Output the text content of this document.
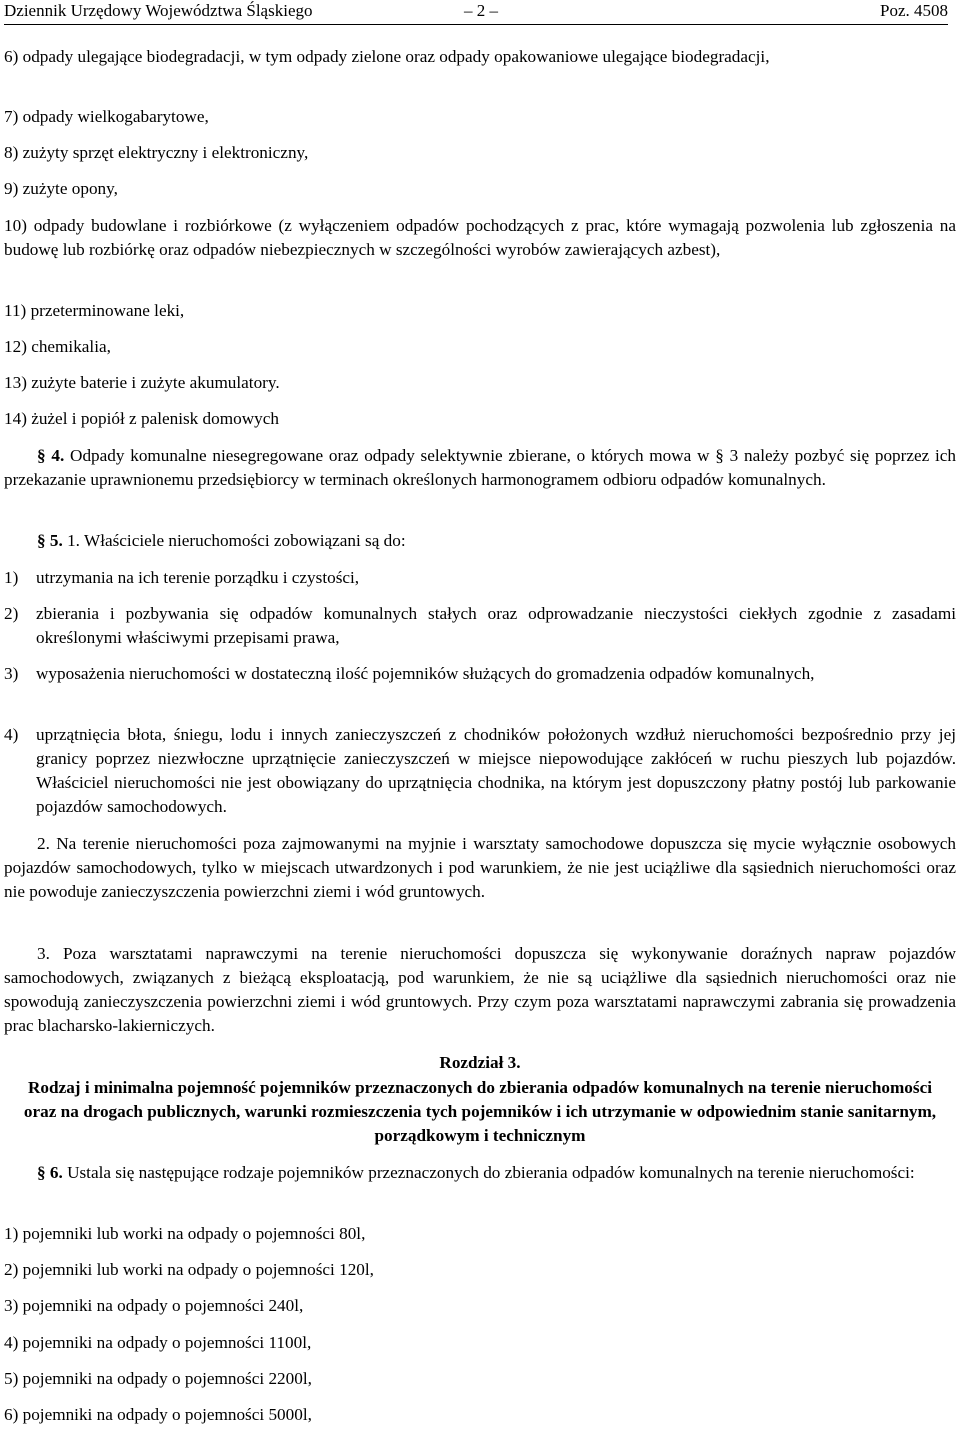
Dziennik Urzędowy Województwa Śląskiego	– 2 –	Poz. 4508

6) odpady ulegające biodegradacji, w tym odpady zielone oraz odpady opakowaniowe ulegające biodegradacji,

7) odpady wielkogabarytowe,

8) zużyty sprzęt elektryczny i elektroniczny,

9) zużyte opony,

10) odpady budowlane i rozbiórkowe (z wyłączeniem odpadów pochodzących z prac, które wymagają pozwolenia lub zgłoszenia na budowę lub rozbiórkę oraz odpadów niebezpiecznych w szczególności wyrobów zawierających azbest),

11) przeterminowane leki,

12) chemikalia,

13) zużyte baterie i zużyte akumulatory.

14) żużel i popiół z palenisk domowych

§ 4. Odpady komunalne niesegregowane oraz odpady selektywnie zbierane, o których mowa w § 3 należy pozbyć się poprzez ich przekazanie uprawnionemu przedsiębiorcy w terminach określonych harmonogramem odbioru odpadów komunalnych.

§ 5. 1. Właściciele nieruchomości zobowiązani są do:

1) utrzymania na ich terenie porządku i czystości,

2) zbierania i pozbywania się odpadów komunalnych stałych oraz odprowadzanie nieczystości ciekłych zgodnie z zasadami określonymi właściwymi przepisami prawa,

3) wyposażenia nieruchomości w dostateczną ilość pojemników służących do gromadzenia odpadów komunalnych,

4) uprzątnięcia błota, śniegu, lodu i innych zanieczyszczeń z chodników położonych wzdłuż nieruchomości bezpośrednio przy jej granicy poprzez niezwłoczne uprzątnięcie zanieczyszczeń w miejsce niepowodujące zakłóceń w ruchu pieszych lub pojazdów. Właściciel nieruchomości nie jest obowiązany do uprzątnięcia chodnika, na którym jest dopuszczony płatny postój lub parkowanie pojazdów samochodowych.

2. Na terenie nieruchomości poza zajmowanymi na myjnie i warsztaty samochodowe dopuszcza się mycie wyłącznie osobowych pojazdów samochodowych, tylko w miejscach utwardzonych i pod warunkiem, że nie jest uciążliwe dla sąsiednich nieruchomości oraz nie powoduje zanieczyszczenia powierzchni ziemi i wód gruntowych.

3. Poza warsztatami naprawczymi na terenie nieruchomości dopuszcza się wykonywanie doraźnych napraw pojazdów samochodowych, związanych z bieżącą eksploatacją, pod warunkiem, że nie są uciążliwe dla sąsiednich nieruchomości oraz nie spowodują zanieczyszczenia powierzchni ziemi i wód gruntowych. Przy czym poza warsztatami naprawczymi zabrania się prowadzenia prac blacharsko-lakierniczych.

Rozdział 3.

Rodzaj i minimalna pojemność pojemników przeznaczonych do zbierania odpadów komunalnych na terenie nieruchomości oraz na drogach publicznych, warunki rozmieszczenia tych pojemników i ich utrzymanie w odpowiednim stanie sanitarnym, porządkowym i technicznym

§ 6. Ustala się następujące rodzaje pojemników przeznaczonych do zbierania odpadów komunalnych na terenie nieruchomości:

1) pojemniki lub worki na odpady o pojemności 80l,

2) pojemniki lub worki na odpady o pojemności 120l,

3) pojemniki na odpady o pojemności 240l,

4) pojemniki na odpady o pojemności 1100l,

5) pojemniki na odpady o pojemności 2200l,

6) pojemniki na odpady o pojemności 5000l,
